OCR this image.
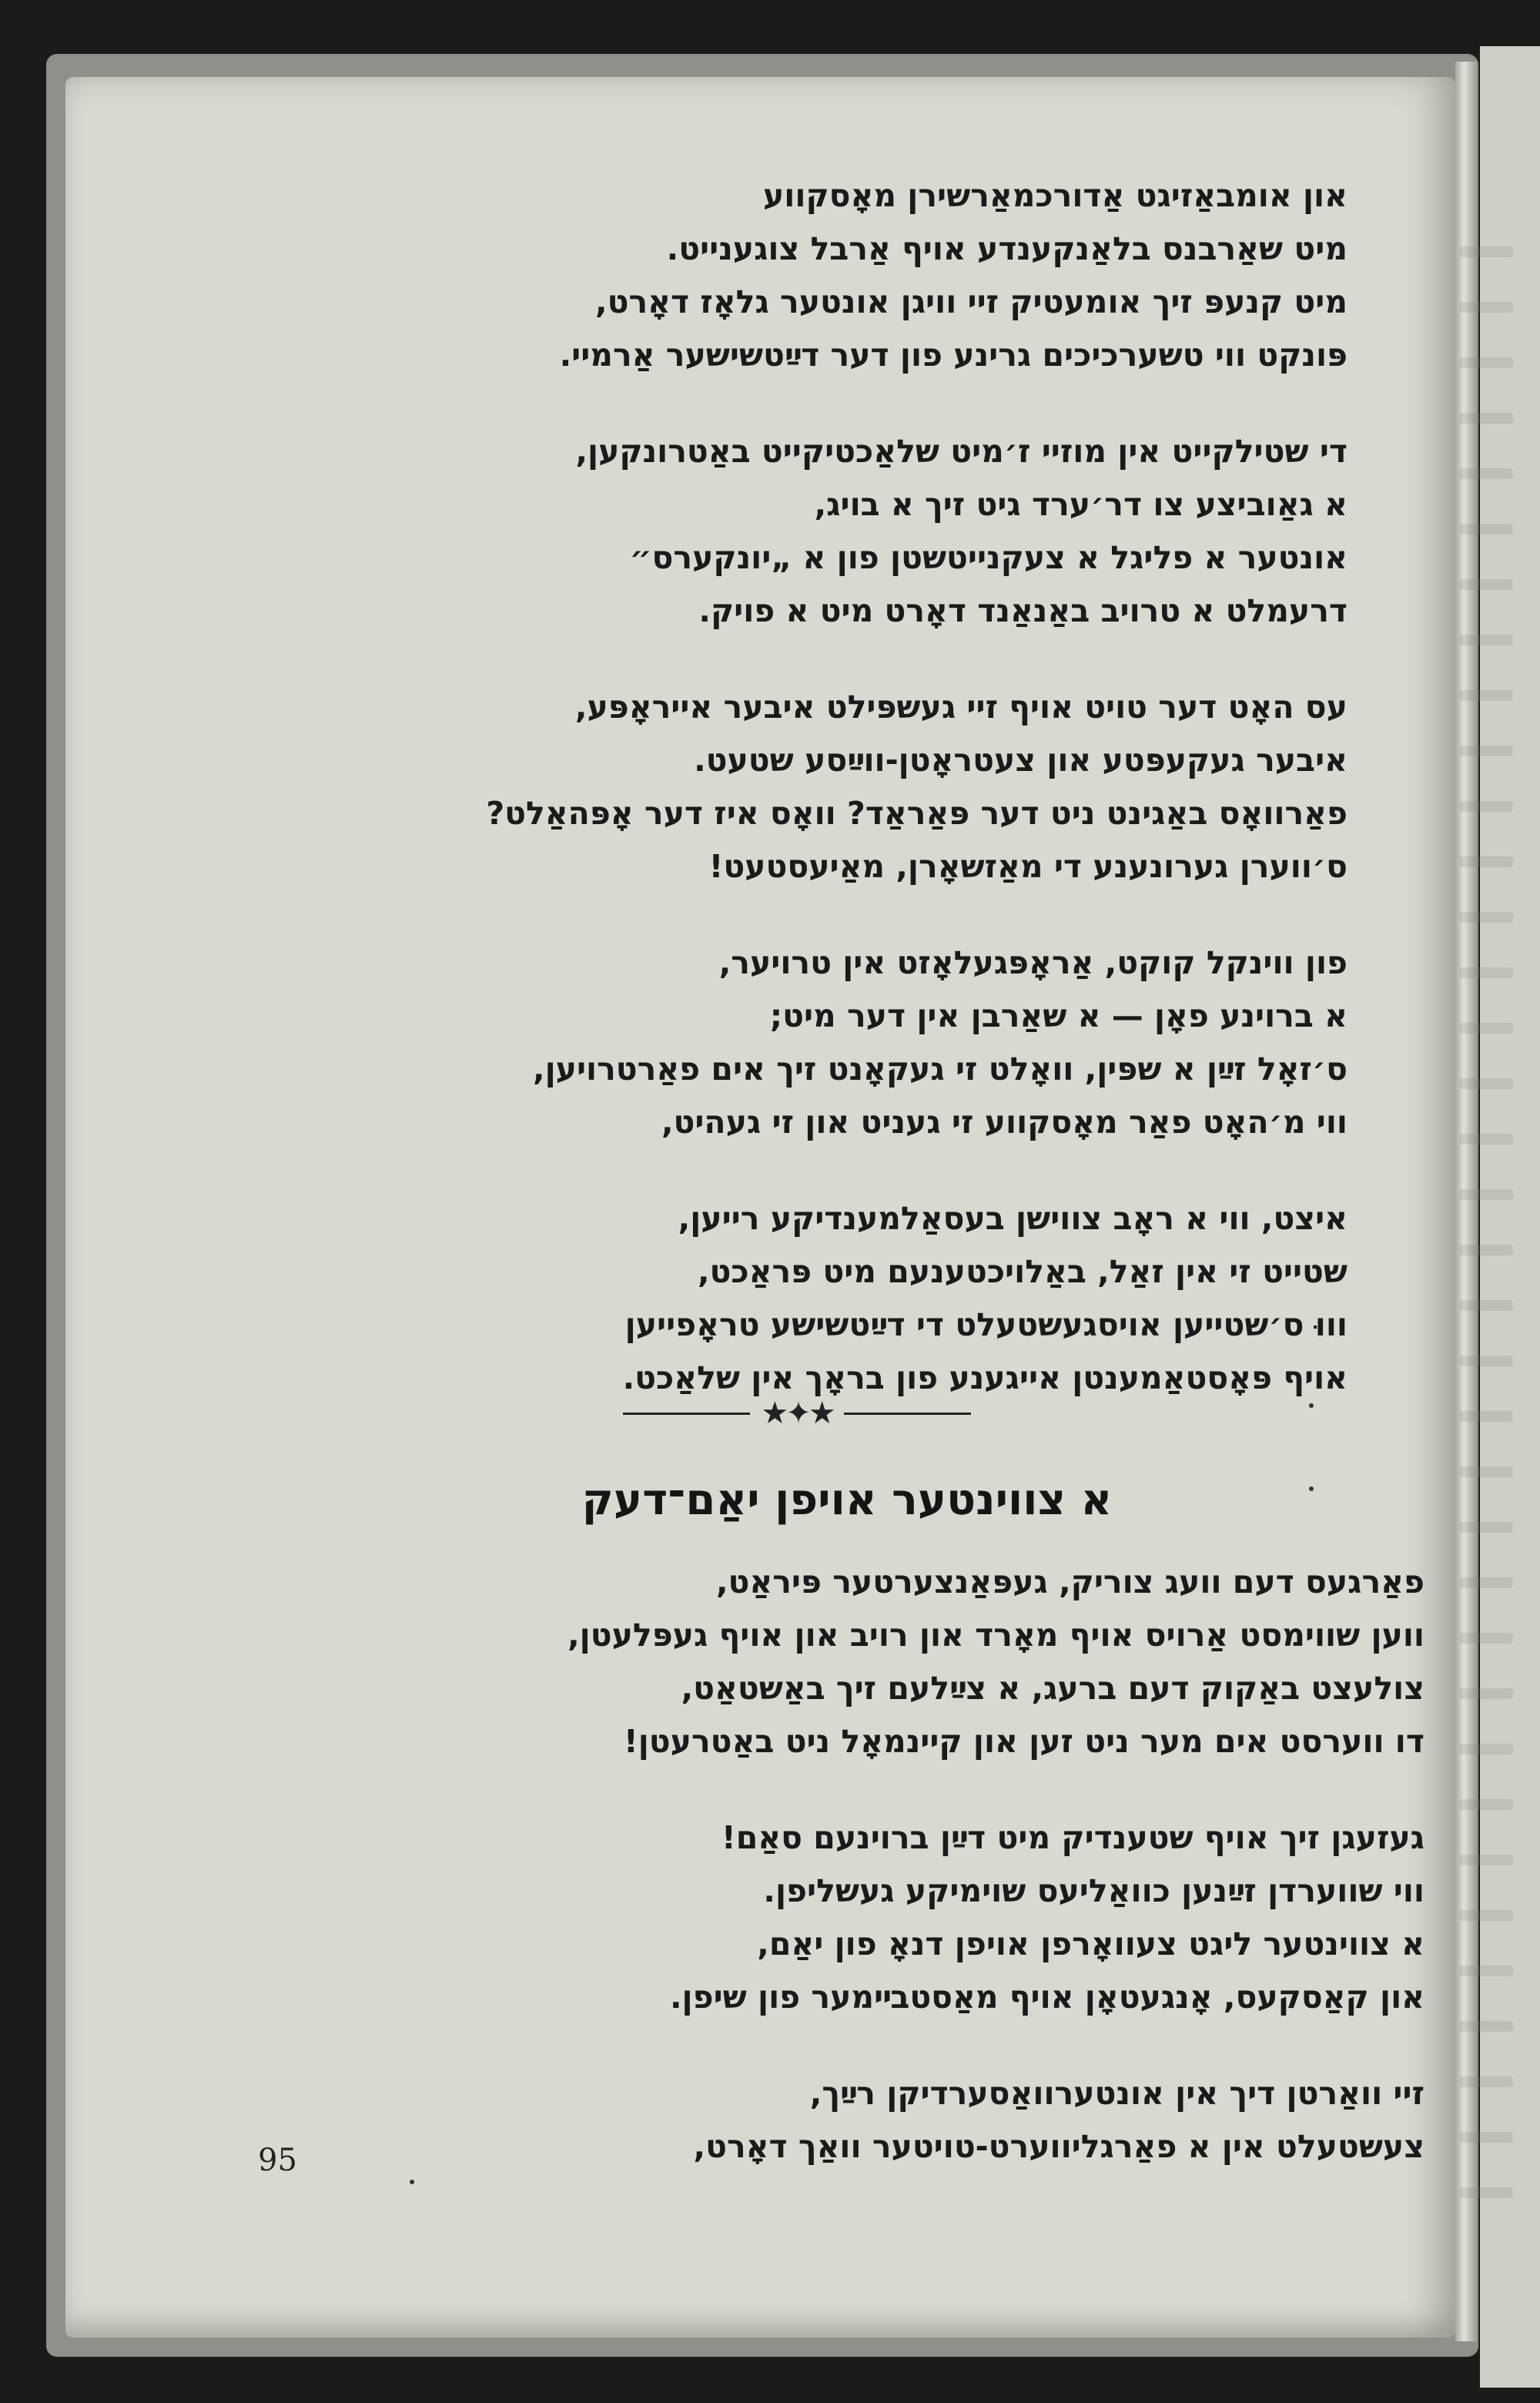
און אומבאַזיגט אַדורכמאַרשירן מאָסקווע
מיט שאַרבנס בלאַנקענדע אויף אַרבל צוגענייט.
מיט קנעפּ זיך אומעטיק זיי וויגן אונטער גלאָז דאָרט,
פּונקט ווי טשערכיכים גרינע פון דער דײַטשישער אַרמיי.
די שטילקייט אין מוזיי ז׳מיט שלאַכטיקייט באַטרונקען,
א גאַוביצע צו דר׳ערד גיט זיך א בויג,
אונטער א פליגל א צעקנייטשטן פון א „יונקערס״
דרעמלט א טרויב באַנאַנד דאָרט מיט א פויק.
עס האָט דער טויט אויף זיי געשפּילט איבער אייראָפּע,
איבער געקעפּטע און צעטראָטן-ווײַסע שטעט.
פאַרוואָס באַגינט ניט דער פּאַראַד? וואָס איז דער אָפּהאַלט?
ס׳ווערן גערונענע די מאַזשאָרן, מאַיעסטעט!
פון ווינקל קוקט, אַראָפּגעלאָזט אין טרויער,
א ברוינע פאָן — א שאַרבן אין דער מיט;
ס׳זאָל זײַן א שפּין, וואָלט זי געקאָנט זיך אים פאַרטרויען,
ווי מ׳האָט פאַר מאָסקווע זי געניט און זי געהיט,
איצט, ווי א ראָב צווישן בעסאַלמענדיקע רייען,
שטייט זי אין זאַל, באַלויכטענעם מיט פּראַכט,
וווּ ס׳שטייען אויסגעשטעלט די דײַטשישע טראָפייען
אויף פּאָסטאַמענטן אייגענע פון בראָך אין שלאַכט.
★✦★
א צווינטער אויפן יאַם־דעק
פאַרגעס דעם וועג צוריק, געפּאַנצערטער פּיראַט,
ווען שווימסט אַרויס אויף מאָרד און רויב און אויף געפּלעטן,
צולעצט באַקוק דעם ברעג, א צײַלעם זיך באַשטאַט,
דו ווערסט אים מער ניט זען און קיינמאָל ניט באַטרעטן!
געזעגן זיך אויף שטענדיק מיט דײַן ברוינעם סאַם!
ווי שווערדן זײַנען כוואַליעס שוימיקע געשליפן.
א צווינטער ליגט צעוואָרפן אויפן דנאָ פון יאַם,
און קאַסקעס, אָנגעטאָן אויף מאַסטבײמער פון שיפן.
זיי וואַרטן דיך אין אונטערוואַסערדיקן רײַך,
צעשטעלט אין א פאַרגליווערט-טויטער וואַך דאָרט,
95
